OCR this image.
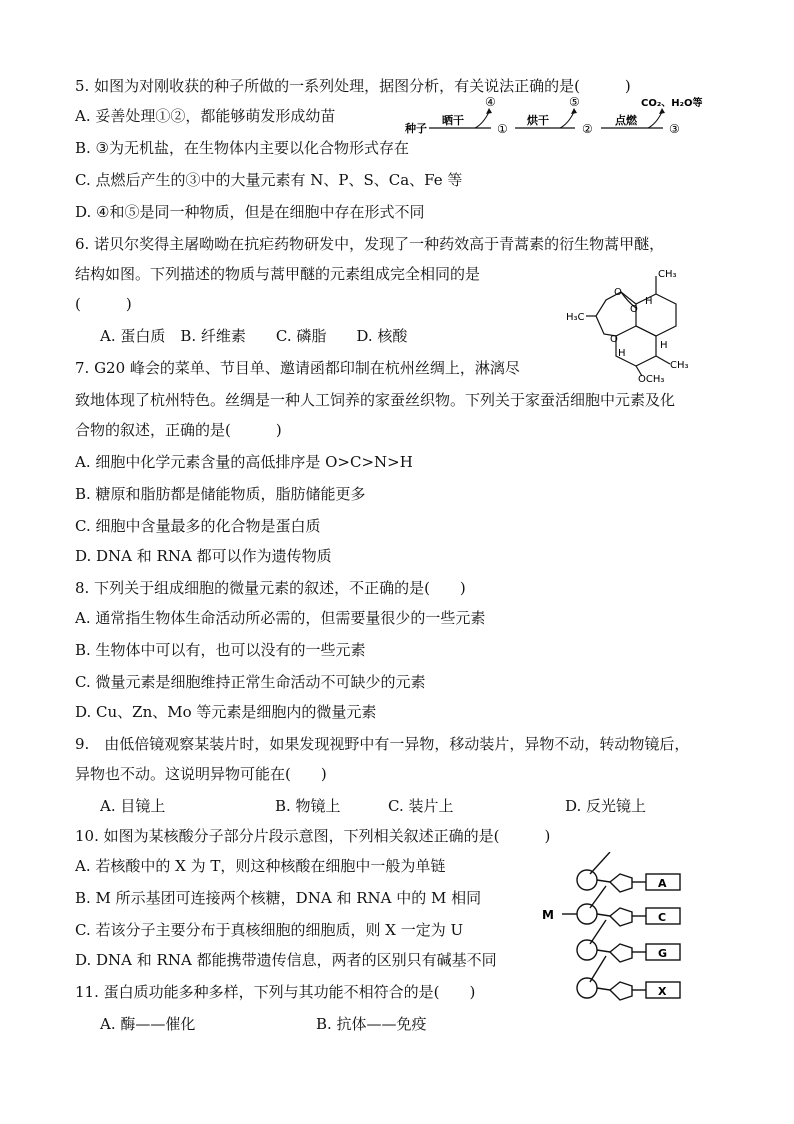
5. 如图为对刚收获的种子所做的一系列处理，据图分析，有关说法正确的是(　　　)
A. 妥善处理①②，都能够萌发形成幼苗
B. ③为无机盐，在生物体内主要以化合物形式存在
C. 点燃后产生的③中的大量元素有 N、P、S、Ca、Fe 等
D. ④和⑤是同一种物质，但是在细胞中存在形式不同
种子
晒干
④
①
烘干
⑤
②
点燃
CO₂、H₂O等
③
6. 诺贝尔奖得主屠呦呦在抗疟药物研发中，发现了一种药效高于青蒿素的衍生物蒿甲醚，
结构如图。下列描述的物质与蒿甲醚的元素组成完全相同的是
(　　　)
A. 蛋白质　B. 纤维素　　C. 磷脂　　D. 核酸
CH₃
H₃C
O
O
O
H
H
H
CH₃
OCH₃
7. G20 峰会的菜单、节目单、邀请函都印制在杭州丝绸上，淋漓尽
致地体现了杭州特色。丝绸是一种人工饲养的家蚕丝织物。下列关于家蚕活细胞中元素及化
合物的叙述，正确的是(　　　)
A. 细胞中化学元素含量的高低排序是 O>C>N>H
B. 糖原和脂肪都是储能物质，脂肪储能更多
C. 细胞中含量最多的化合物是蛋白质
D. DNA 和 RNA 都可以作为遗传物质
8. 下列关于组成细胞的微量元素的叙述，不正确的是(　　)
A. 通常指生物体生命活动所必需的，但需要量很少的一些元素
B. 生物体中可以有，也可以没有的一些元素
C. 微量元素是细胞维持正常生命活动不可缺少的元素
D. Cu、Zn、Mo 等元素是细胞内的微量元素
9.　由低倍镜观察某装片时，如果发现视野中有一异物，移动装片，异物不动，转动物镜后，
异物也不动。这说明异物可能在(　　)
A. 目镜上	B. 物镜上	C. 装片上	D. 反光镜上
10. 如图为某核酸分子部分片段示意图，下列相关叙述正确的是(　　　)
A. 若核酸中的 X 为 T，则这种核酸在细胞中一般为单链
B. M 所示基团可连接两个核糖，DNA 和 RNA 中的 M 相同
C. 若该分子主要分布于真核细胞的细胞质，则 X 一定为 U
D. DNA 和 RNA 都能携带遗传信息，两者的区别只有碱基不同
M
A
C
G
X
11. 蛋白质功能多种多样，下列与其功能不相符合的是(　　)
A. 酶——催化	B. 抗体——免疫
